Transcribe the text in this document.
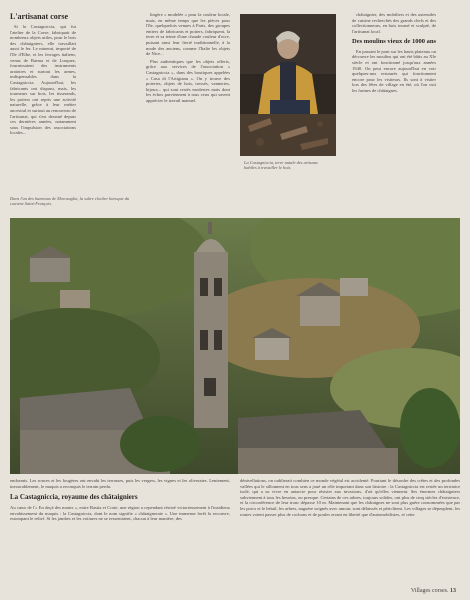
L'artisanat corse

Si la Castagniccia, qui fut l'atelier de la Corse, fabriquait de nombreux objets utiles, pour le bois des châtaigniers, elle travaillait aussi le fer. Le minerai, importé de l'île d'Elbe, et les ferrages italiens, venus de Barma et de Lurquez, fournissaient des instruments aratoires et surtout les armes, indispensables dans la Castagniccia. Aujourd'hui, les fabricants ont disparu, mais, les tourneurs sur bois, les tisserands, les potiers ont repris une activité naturelle, grâce à leur métier ancestral et surtout au renouveau de l'artisanat, qui s'est dessiné depuis ces dernières années, notamment sous l'impulsion des associations locales...

lingère « modelée » pour la couleur locale, mais, en même temps que les pièces pour l'île, quelquefois venues à Paris, des groupes entiers de fabricants et potiers, fabriquent, la terre et sa teinte d'une chaude couleur d'ocre, puisant ainsi leur fierté traditionnelle, à la mode des anciens, comme l'Italie les objets de Nice...

Plus authentiques que les objets offerts, grâce aux services de l'association « Castagniccia », dans des boutiques appelées « Casa di l'Artigianu ». On y trouve des poteries, objets de bois, tressés, vanneries, bijoux... qui sont restés modestes mais dont les échos parviennent à tous ceux qui savent apprécier le travail manuel.

La Castagniccia, terre natale des artisans habiles à travailler le bois.

châtaignier, des mobiliers et des ustensiles de cuisine recherchés des grands chefs et des collectionneurs, en bois tourné et sculpté, de l'artisanat local.

Des moulins vieux de 1000 ans

En passant le pont sur les hauts plateaux on découvre les moulins qui ont été bâtis au XIe siècle et ont fonctionné jusqu'aux années 1940. On peut encore aujourd'hui en voir quelques-uns restaurés qui fonctionnent encore pour les visiteurs. Ils sont à visiter lors des fêtes de village en été, où l'on cuit les farines de châtaignes.

Dans l'un des hameaux de Morosaglia, la sobre clocher baroque du couvent Saint-François.
endormis. Les ronces et les fougères ont envahi les terrasses, puis les vergers, les vignes et les oliveraies. Lentement, inexorablement, le maquis a reconquis le terrain perdu.
La Castagniccia, royaume des châtaigniers
Au cœur de l'« En deçà des monts », entre Bastia et Corte, une région a cependant résisté victorieusement à l'insidieux envahissement du maquis : la Castagniccia, dont le nom signifie « châtaigneraie ». Une immense forêt la recouvre, estompant le relief. Si les jambes et les voitures ne se ressentaient, chacun à leur manière, des
dénivellations, on oublierait combien ce monde végétal est accidenté. Pourtant le désordre des crêtes et des profondes vallées qui le sillonnent en tous sens a joué un rôle important dans son histoire : la Castagniccia est restée un territoire isolé, qui a su vivre en autarcie pour résister aux invasions, d'où qu'elles viennent. Ses énormes châtaigniers subviennent à tous les besoins, ou presque. Certains de ces arbres, toujours solides, ont plus de cinq siècles d'existence, et la circonférence de leur tronc dépasse 10 m. Maintenant que les châtaignes ne sont plus guère consommées que par les porcs et le bétail, les arbres, naguère soignés avec amour, sont délaissés et périclitent. Les villages se dépeuplent, les routes voient passer plus de cochons et de poules errant en liberté que d'automobilistes, et cette
Villages corses. 13
